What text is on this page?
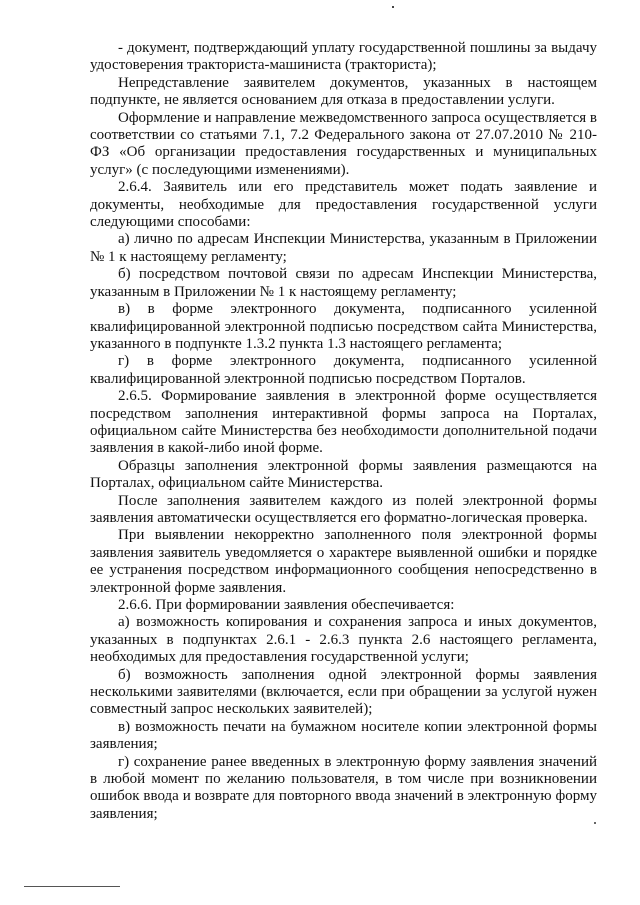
- документ, подтверждающий уплату государственной пошлины за выдачу удостоверения тракториста-машиниста (тракториста);

Непредставление заявителем документов, указанных в настоящем подпункте, не является основанием для отказа в предоставлении услуги.

Оформление и направление межведомственного запроса осуществляется в соответствии со статьями 7.1, 7.2 Федерального закона от 27.07.2010 № 210-ФЗ «Об организации предоставления государственных и муниципальных услуг» (с последующими изменениями).

2.6.4. Заявитель или его представитель может подать заявление и документы, необходимые для предоставления государственной услуги следующими способами:

а) лично по адресам Инспекции Министерства, указанным в Приложении № 1 к настоящему регламенту;

б) посредством почтовой связи по адресам Инспекции Министерства, указанным в Приложении № 1 к настоящему регламенту;

в) в форме электронного документа, подписанного усиленной квалифицированной электронной подписью посредством сайта Министерства, указанного в подпункте 1.3.2 пункта 1.3 настоящего регламента;

г) в форме электронного документа, подписанного усиленной квалифицированной электронной подписью посредством Порталов.

2.6.5. Формирование заявления в электронной форме осуществляется посредством заполнения интерактивной формы запроса на Порталах, официальном сайте Министерства без необходимости дополнительной подачи заявления в какой-либо иной форме.

Образцы заполнения электронной формы заявления размещаются на Порталах, официальном сайте Министерства.

После заполнения заявителем каждого из полей электронной формы заявления автоматически осуществляется его форматно-логическая проверка.

При выявлении некорректно заполненного поля электронной формы заявления заявитель уведомляется о характере выявленной ошибки и порядке ее устранения посредством информационного сообщения непосредственно в электронной форме заявления.

2.6.6. При формировании заявления обеспечивается:

а) возможность копирования и сохранения запроса и иных документов, указанных в подпунктах 2.6.1 - 2.6.3 пункта 2.6 настоящего регламента, необходимых для предоставления государственной услуги;

б) возможность заполнения одной электронной формы заявления несколькими заявителями (включается, если при обращении за услугой нужен совместный запрос нескольких заявителей);

в) возможность печати на бумажном носителе копии электронной формы заявления;

г) сохранение ранее введенных в электронную форму заявления значений в любой момент по желанию пользователя, в том числе при возникновении ошибок ввода и возврате для повторного ввода значений в электронную форму заявления;
